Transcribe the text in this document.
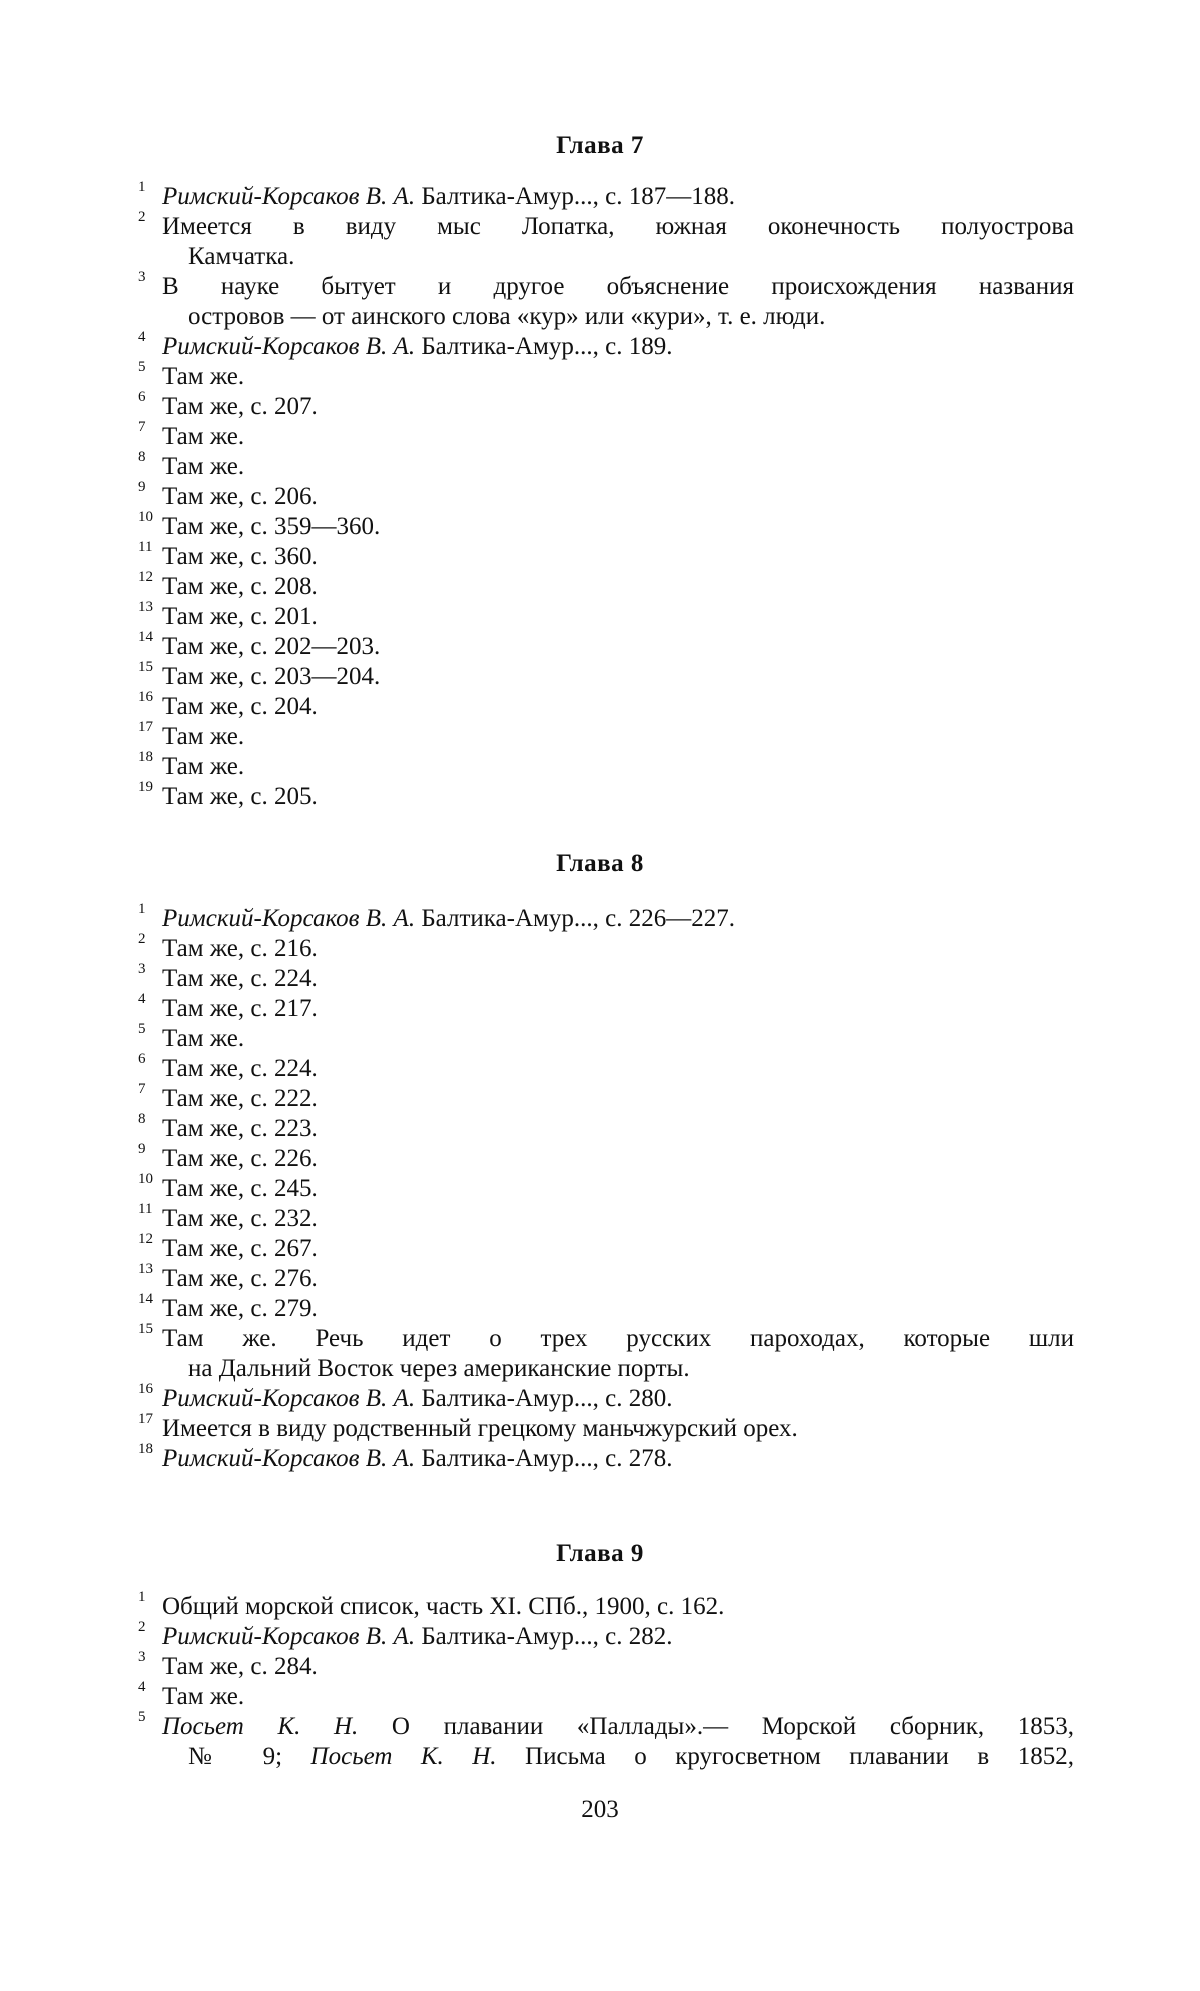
Глава 7
1 Римский-Корсаков В. А. Балтика-Амур..., с. 187—188.
2 Имеется в виду мыс Лопатка, южная оконечность полуострова
Камчатка.
3 В науке бытует и другое объяснение происхождения названия
островов — от аинского слова «кур» или «кури», т. е. люди.
4 Римский-Корсаков В. А. Балтика-Амур..., с. 189.
5 Там же.
6 Там же, с. 207.
7 Там же.
8 Там же.
9 Там же, с. 206.
10 Там же, с. 359—360.
11 Там же, с. 360.
12 Там же, с. 208.
13 Там же, с. 201.
14 Там же, с. 202—203.
15 Там же, с. 203—204.
16 Там же, с. 204.
17 Там же.
18 Там же.
19 Там же, с. 205.
Глава 8
1 Римский-Корсаков В. А. Балтика-Амур..., с. 226—227.
2 Там же, с. 216.
3 Там же, с. 224.
4 Там же, с. 217.
5 Там же.
6 Там же, с. 224.
7 Там же, с. 222.
8 Там же, с. 223.
9 Там же, с. 226.
10 Там же, с. 245.
11 Там же, с. 232.
12 Там же, с. 267.
13 Там же, с. 276.
14 Там же, с. 279.
15 Там же. Речь идет о трех русских пароходах, которые шли
на Дальний Восток через американские порты.
16 Римский-Корсаков В. А. Балтика-Амур..., с. 280.
17 Имеется в виду родственный грецкому маньчжурский орех.
18 Римский-Корсаков В. А. Балтика-Амур..., с. 278.
Глава 9
1 Общий морской список, часть XI. СПб., 1900, с. 162.
2 Римский-Корсаков В. А. Балтика-Амур..., с. 282.
3 Там же, с. 284.
4 Там же.
5 Посьет К. Н. О плавании «Паллады».— Морской сборник, 1853,
№ 9; Посьет К. Н. Письма о кругосветном плавании в 1852,
203
